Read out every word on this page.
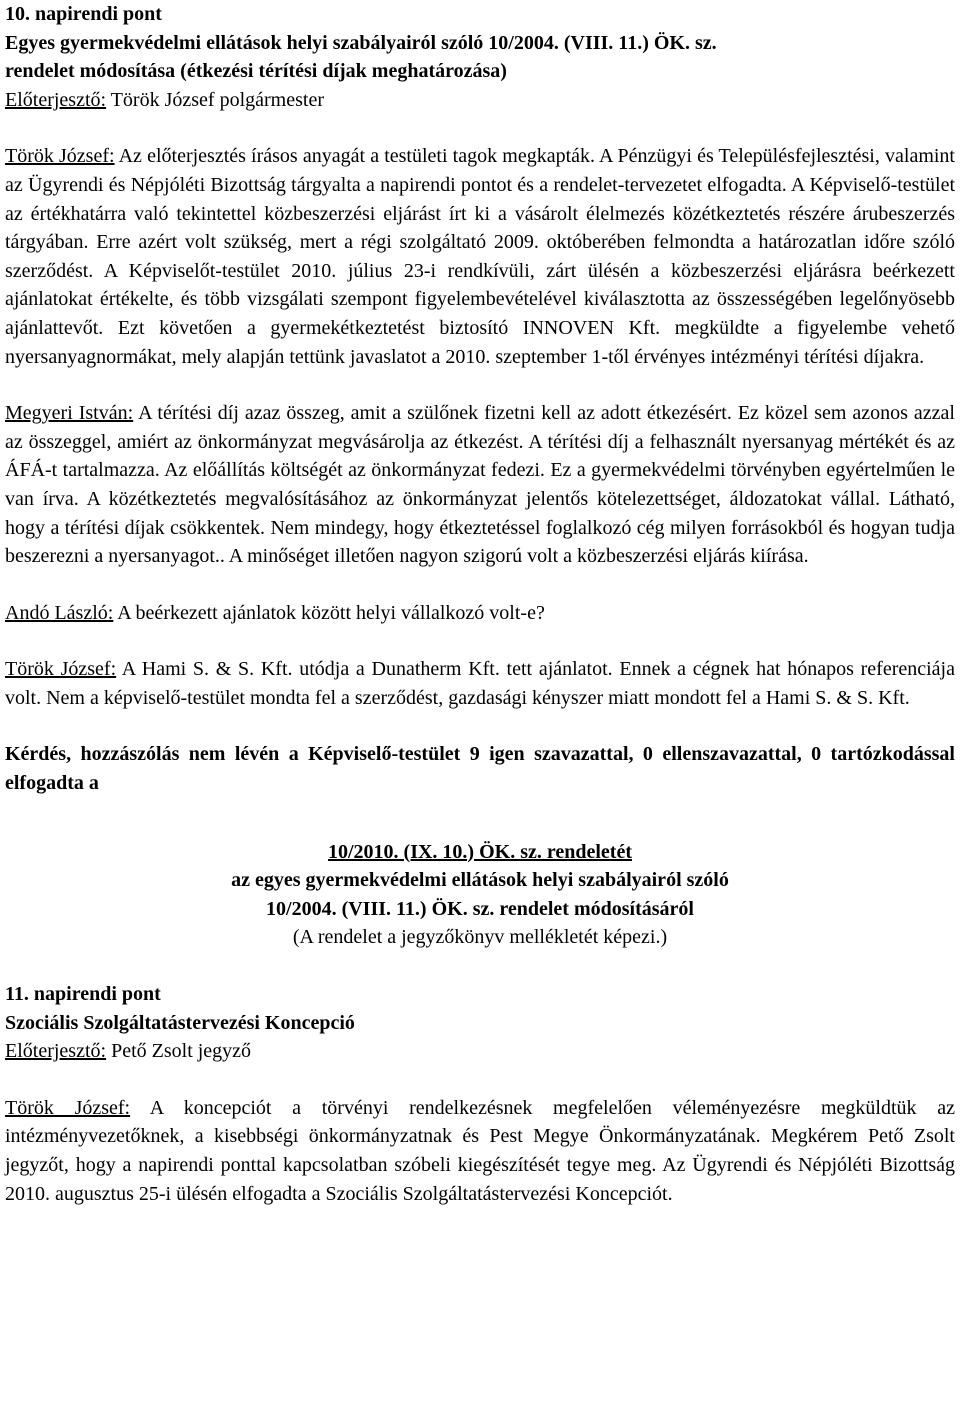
10. napirendi pont

Egyes gyermekvédelmi ellátások helyi szabályairól szóló 10/2004. (VIII. 11.) ÖK. sz.

rendelet módosítása (étkezési térítési díjak meghatározása)

Előterjesztő: Török József polgármester

Török József: Az előterjesztés írásos anyagát a testületi tagok megkapták. A Pénzügyi és Településfejlesztési, valamint az Ügyrendi és Népjóléti Bizottság tárgyalta a napirendi pontot és a rendelet-tervezetet elfogadta. A Képviselő-testület az értékhatárra való tekintettel közbeszerzési eljárást írt ki a vásárolt élelmezés közétkeztetés részére árubeszerzés tárgyában. Erre azért volt szükség, mert a régi szolgáltató 2009. októberében felmondta a határozatlan időre szóló szerződést. A Képviselőt-testület 2010. július 23-i rendkívüli, zárt ülésén a közbeszerzési eljárásra beérkezett ajánlatokat értékelte, és több vizsgálati szempont figyelembevételével kiválasztotta az összességében legelőnyösebb ajánlattevőt. Ezt követően a gyermekétkeztetést biztosító INNOVEN Kft. megküldte a figyelembe vehető nyersanyagnormákat, mely alapján tettünk javaslatot a 2010. szeptember 1-től érvényes intézményi térítési díjakra.

Megyeri István: A térítési díj azaz összeg, amit a szülőnek fizetni kell az adott étkezésért. Ez közel sem azonos azzal az összeggel, amiért az önkormányzat megvásárolja az étkezést. A térítési díj a felhasznált nyersanyag mértékét és az ÁFÁ-t tartalmazza. Az előállítás költségét az önkormányzat fedezi. Ez a gyermekvédelmi törvényben egyértelműen le van írva. A közétkeztetés megvalósításához az önkormányzat jelentős kötelezettséget, áldozatokat vállal. Látható, hogy a térítési díjak csökkentek. Nem mindegy, hogy étkeztetéssel foglalkozó cég milyen forrásokból és hogyan tudja beszerezni a nyersanyagot.. A minőséget illetően nagyon szigorú volt a közbeszerzési eljárás kiírása.

Andó László: A beérkezett ajánlatok között helyi vállalkozó volt-e?

Török József: A Hami S. & S. Kft. utódja a Dunatherm Kft. tett ajánlatot. Ennek a cégnek hat hónapos referenciája volt. Nem a képviselő-testület mondta fel a szerződést, gazdasági kényszer miatt mondott fel a Hami S. & S. Kft.

Kérdés, hozzászólás nem lévén a Képviselő-testület 9 igen szavazattal, 0 ellenszavazattal, 0 tartózkodással elfogadta a

10/2010. (IX. 10.) ÖK. sz. rendeletét

az egyes gyermekvédelmi ellátások helyi szabályairól szóló

10/2004. (VIII. 11.) ÖK. sz. rendelet módosításáról

(A rendelet a jegyzőkönyv mellékletét képezi.)

11. napirendi pont

Szociális Szolgáltatástervezési Koncepció

Előterjesztő: Pető Zsolt jegyző

Török József: A koncepciót a törvényi rendelkezésnek megfelelően véleményezésre megküldtük az intézményvezetőknek, a kisebbségi önkormányzatnak és Pest Megye Önkormányzatának. Megkérem Pető Zsolt jegyzőt, hogy a napirendi ponttal kapcsolatban szóbeli kiegészítését tegye meg. Az Ügyrendi és Népjóléti Bizottság 2010. augusztus 25-i ülésén elfogadta a Szociális Szolgáltatástervezési Koncepciót.
